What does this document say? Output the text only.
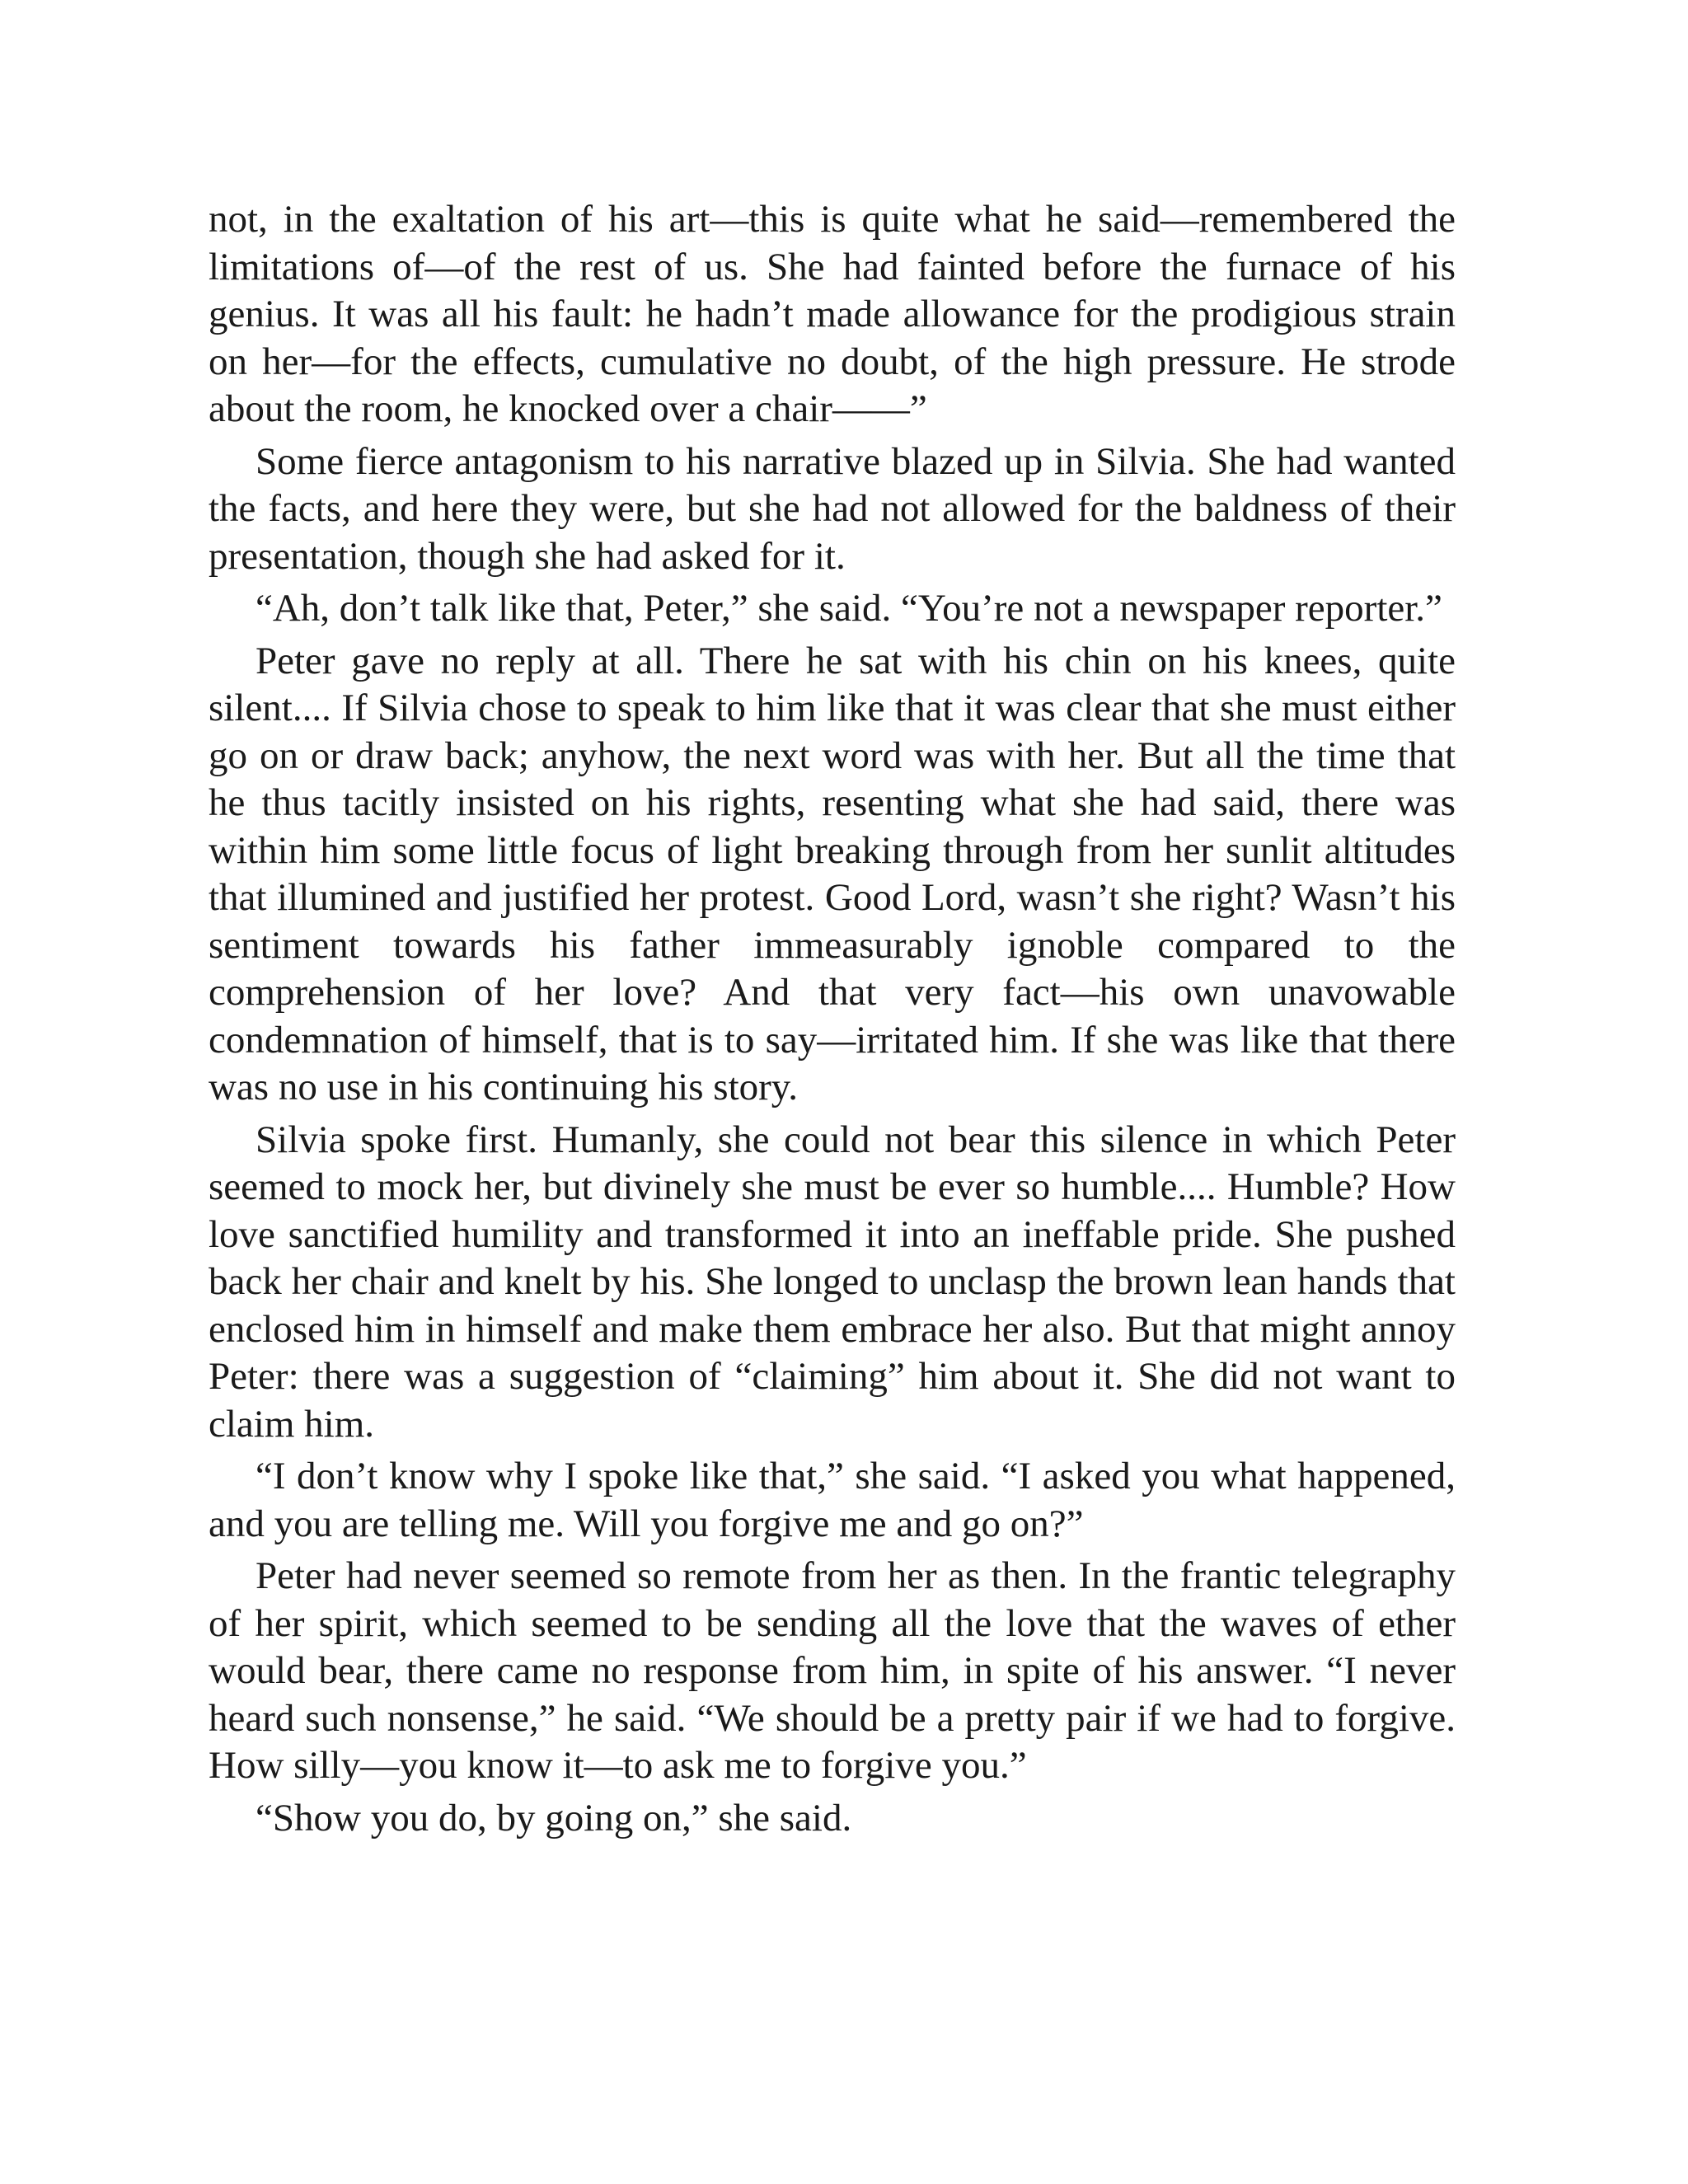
not, in the exaltation of his art—this is quite what he said—remembered the limitations of—of the rest of us. She had fainted before the furnace of his genius. It was all his fault: he hadn’t made allowance for the prodigious strain on her—for the effects, cumulative no doubt, of the high pressure. He strode about the room, he knocked over a chair——”

Some fierce antagonism to his narrative blazed up in Silvia. She had wanted the facts, and here they were, but she had not allowed for the baldness of their presentation, though she had asked for it.

“Ah, don’t talk like that, Peter,” she said. “You’re not a newspaper reporter.”

Peter gave no reply at all. There he sat with his chin on his knees, quite silent.... If Silvia chose to speak to him like that it was clear that she must either go on or draw back; anyhow, the next word was with her. But all the time that he thus tacitly insisted on his rights, resenting what she had said, there was within him some little focus of light breaking through from her sunlit altitudes that illumined and justified her protest. Good Lord, wasn’t she right? Wasn’t his sentiment towards his father immeasurably ignoble compared to the comprehension of her love? And that very fact—his own unavowable condemnation of himself, that is to say—irritated him. If she was like that there was no use in his continuing his story.

Silvia spoke first. Humanly, she could not bear this silence in which Peter seemed to mock her, but divinely she must be ever so humble.... Humble? How love sanctified humility and transformed it into an ineffable pride. She pushed back her chair and knelt by his. She longed to unclasp the brown lean hands that enclosed him in himself and make them embrace her also. But that might annoy Peter: there was a suggestion of “claiming” him about it. She did not want to claim him.

“I don’t know why I spoke like that,” she said. “I asked you what happened, and you are telling me. Will you forgive me and go on?”

Peter had never seemed so remote from her as then. In the frantic telegraphy of her spirit, which seemed to be sending all the love that the waves of ether would bear, there came no response from him, in spite of his answer. “I never heard such nonsense,” he said. “We should be a pretty pair if we had to forgive. How silly—you know it—to ask me to forgive you.”

“Show you do, by going on,” she said.
